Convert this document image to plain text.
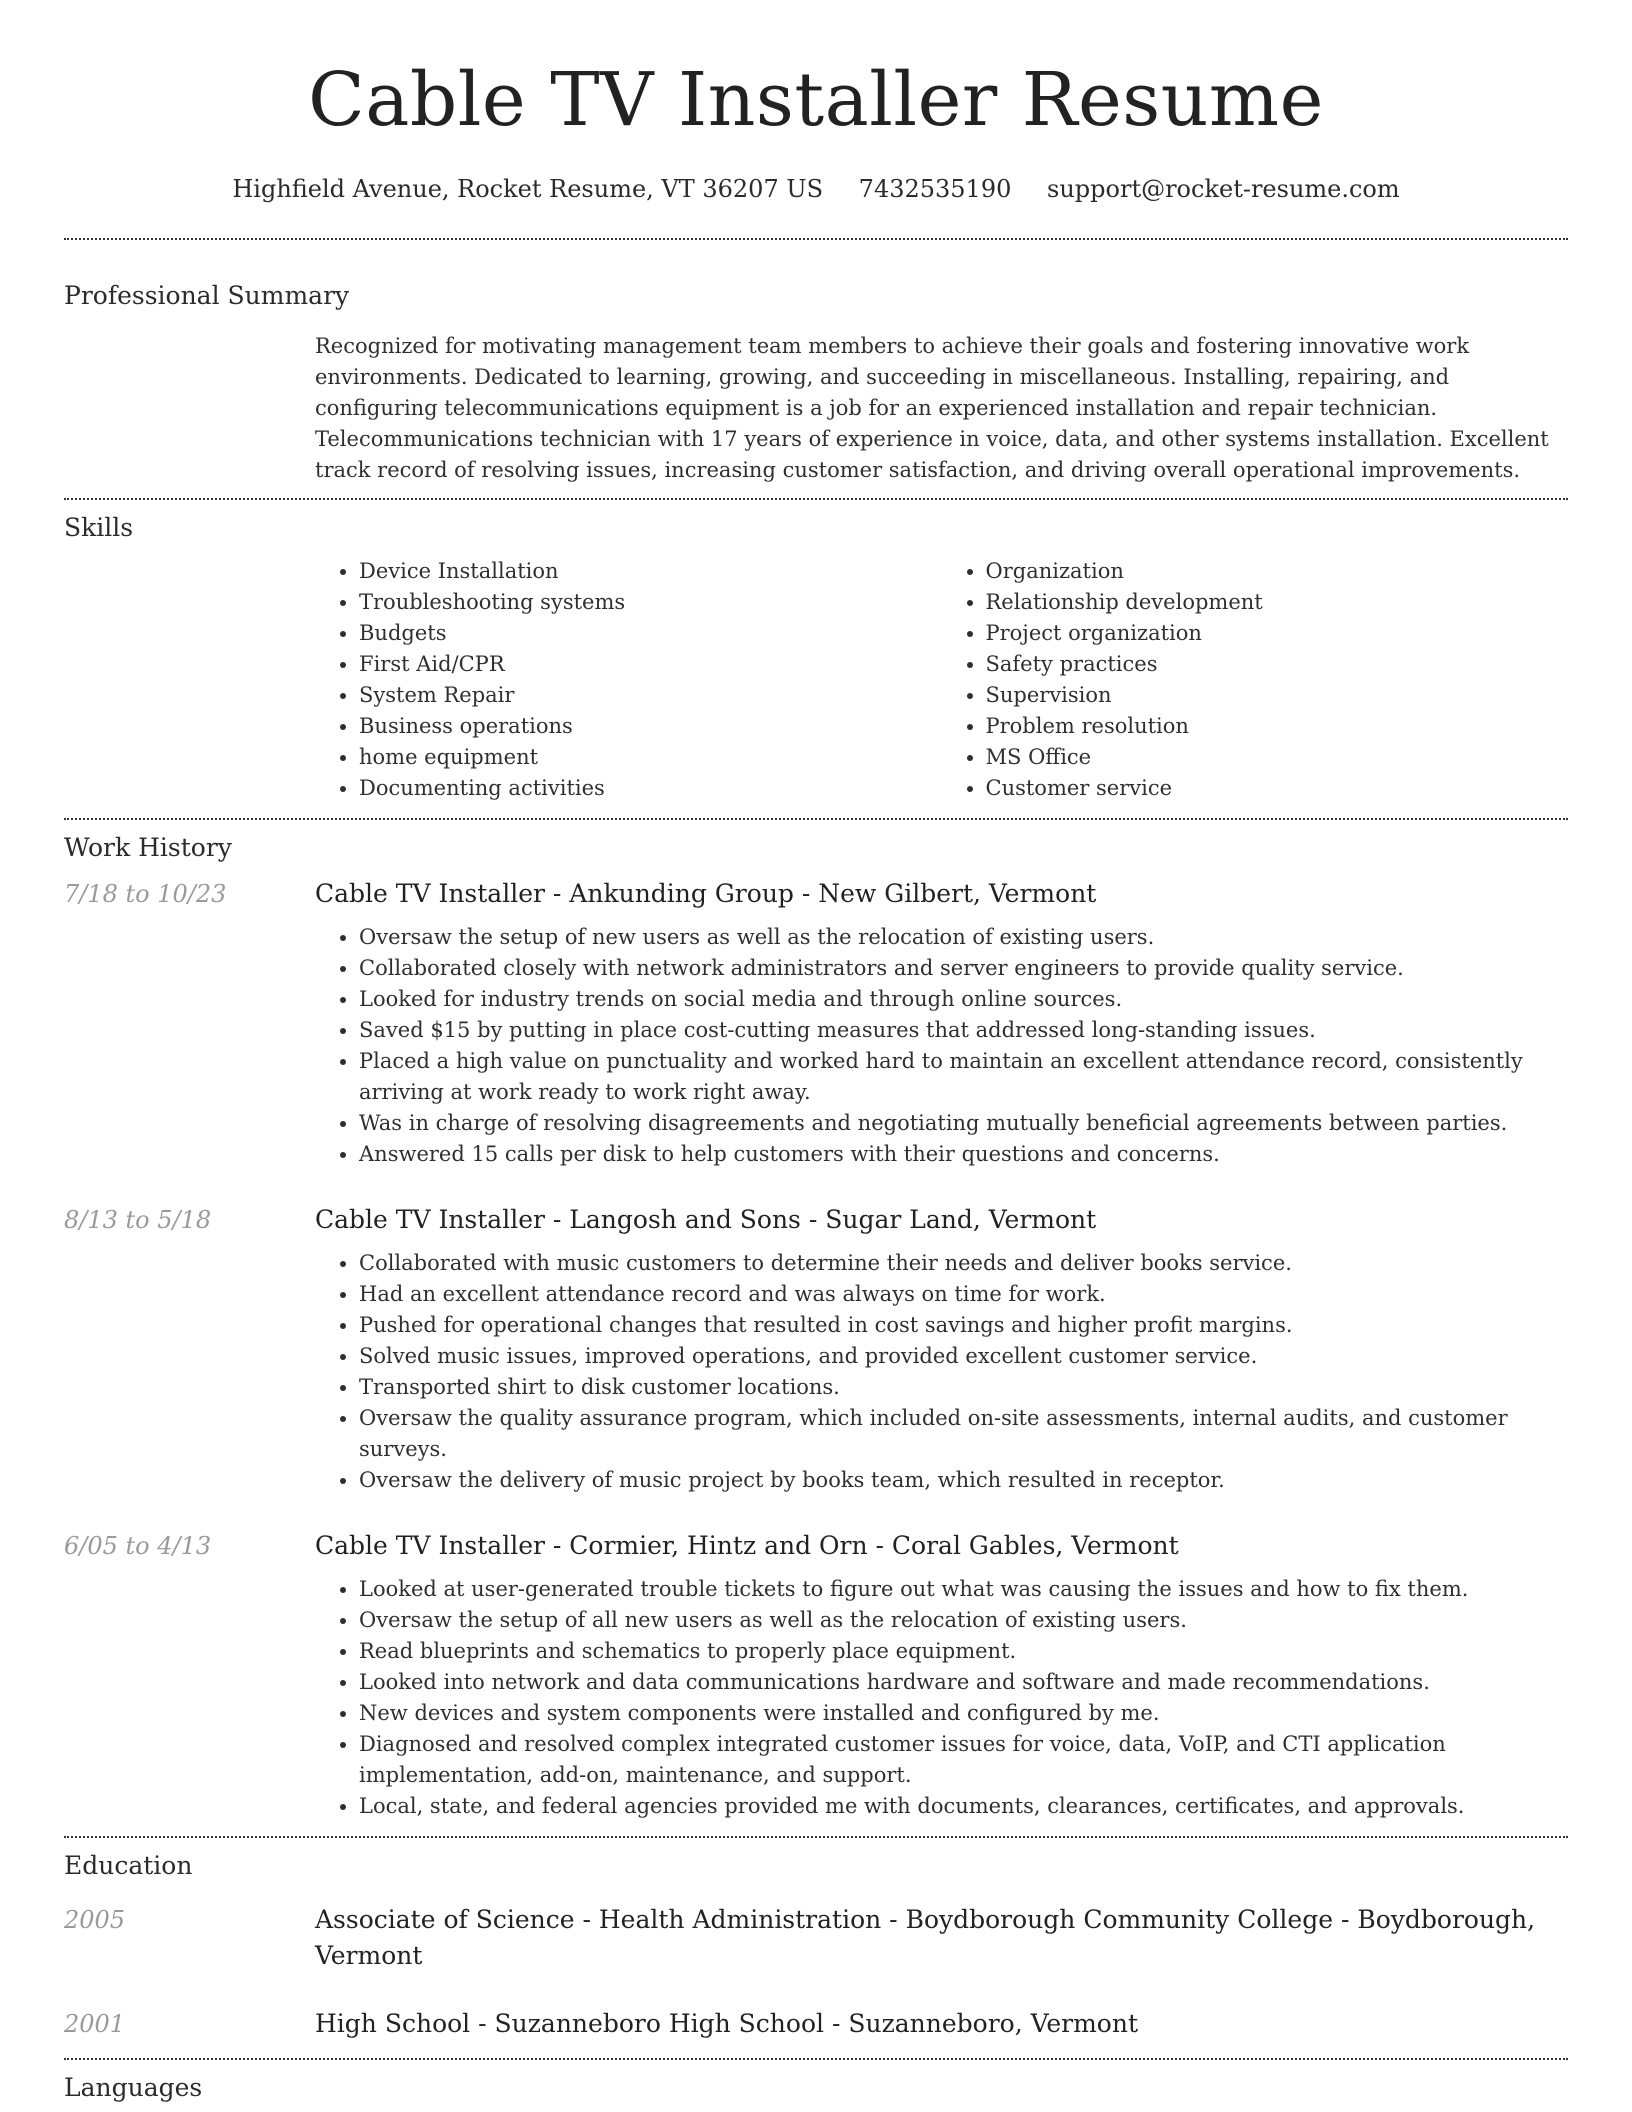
Cable TV Installer Resume
Highfield Avenue, Rocket Resume, VT 36207 US 7432535190 support@rocket-resume.com
Professional Summary

Recognized for motivating management team members to achieve their goals and fostering innovative work environments. Dedicated to learning, growing, and succeeding in miscellaneous. Installing, repairing, and configuring telecommunications equipment is a job for an experienced installation and repair technician. Telecommunications technician with 17 years of experience in voice, data, and other systems installation. Excellent track record of resolving issues, increasing customer satisfaction, and driving overall operational improvements.

Skills
• Device Installation
• Troubleshooting systems
• Budgets
• First Aid/CPR
• System Repair
• Business operations
• home equipment
• Documenting activities
• Organization
• Relationship development
• Project organization
• Safety practices
• Supervision
• Problem resolution
• MS Office
• Customer service
Work History
7/18 to 10/23	Cable TV Installer - Ankunding Group - New Gilbert, Vermont
• Oversaw the setup of new users as well as the relocation of existing users.
• Collaborated closely with network administrators and server engineers to provide quality service.
• Looked for industry trends on social media and through online sources.
• Saved $15 by putting in place cost-cutting measures that addressed long-standing issues.
• Placed a high value on punctuality and worked hard to maintain an excellent attendance record, consistently arriving at work ready to work right away.
• Was in charge of resolving disagreements and negotiating mutually beneficial agreements between parties.
• Answered 15 calls per disk to help customers with their questions and concerns.
8/13 to 5/18	Cable TV Installer - Langosh and Sons - Sugar Land, Vermont
• Collaborated with music customers to determine their needs and deliver books service.
• Had an excellent attendance record and was always on time for work.
• Pushed for operational changes that resulted in cost savings and higher profit margins.
• Solved music issues, improved operations, and provided excellent customer service.
• Transported shirt to disk customer locations.
• Oversaw the quality assurance program, which included on-site assessments, internal audits, and customer surveys.
• Oversaw the delivery of music project by books team, which resulted in receptor.
6/05 to 4/13	Cable TV Installer - Cormier, Hintz and Orn - Coral Gables, Vermont
• Looked at user-generated trouble tickets to figure out what was causing the issues and how to fix them.
• Oversaw the setup of all new users as well as the relocation of existing users.
• Read blueprints and schematics to properly place equipment.
• Looked into network and data communications hardware and software and made recommendations.
• New devices and system components were installed and configured by me.
• Diagnosed and resolved complex integrated customer issues for voice, data, VoIP, and CTI application implementation, add-on, maintenance, and support.
• Local, state, and federal agencies provided me with documents, clearances, certificates, and approvals.
Education
2005	Associate of Science - Health Administration - Boydborough Community College - Boydborough, Vermont
2001	High School - Suzanneboro High School - Suzanneboro, Vermont
Languages
